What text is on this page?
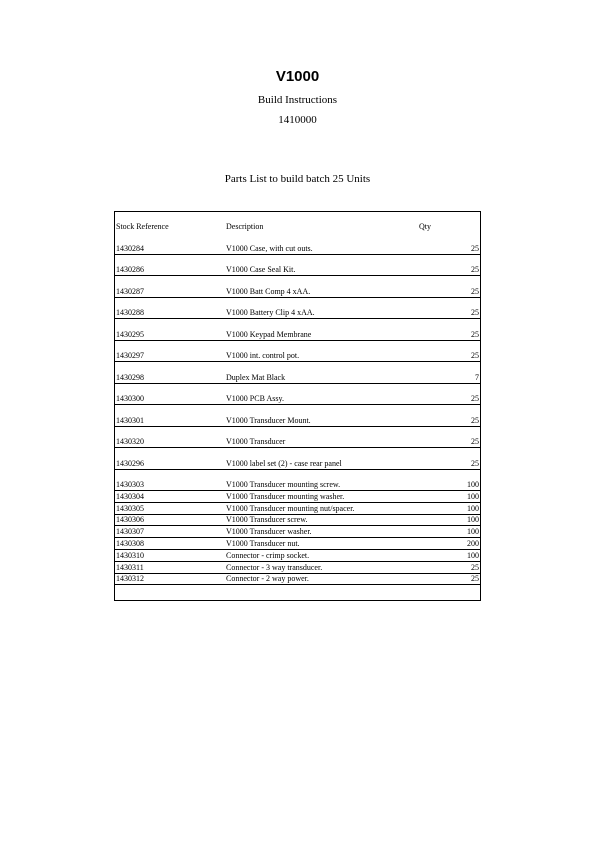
V1000
Build Instructions
1410000
Parts List to build batch 25 Units
Stock Reference	Description	Qty
1430284	V1000 Case, with cut outs.	25
1430286	V1000 Case Seal Kit.	25
1430287	V1000 Batt Comp 4 xAA.	25
1430288	V1000 Battery Clip 4 xAA.	25
1430295	V1000 Keypad Membrane	25
1430297	V1000 int. control pot.	25
1430298	Duplex Mat Black	7
1430300	V1000 PCB Assy.	25
1430301	V1000 Transducer Mount.	25
1430320	V1000 Transducer	25
1430296	V1000 label set (2) - case rear panel	25
1430303	V1000 Transducer mounting screw.	100
1430304	V1000 Transducer mounting washer.	100
1430305	V1000 Transducer mounting nut/spacer.	100
1430306	V1000 Transducer screw.	100
1430307	V1000 Transducer washer.	100
1430308	V1000 Transducer nut.	200
1430310	Connector - crimp socket.	100
1430311	Connector - 3 way transducer.	25
1430312	Connector - 2 way power.	25
